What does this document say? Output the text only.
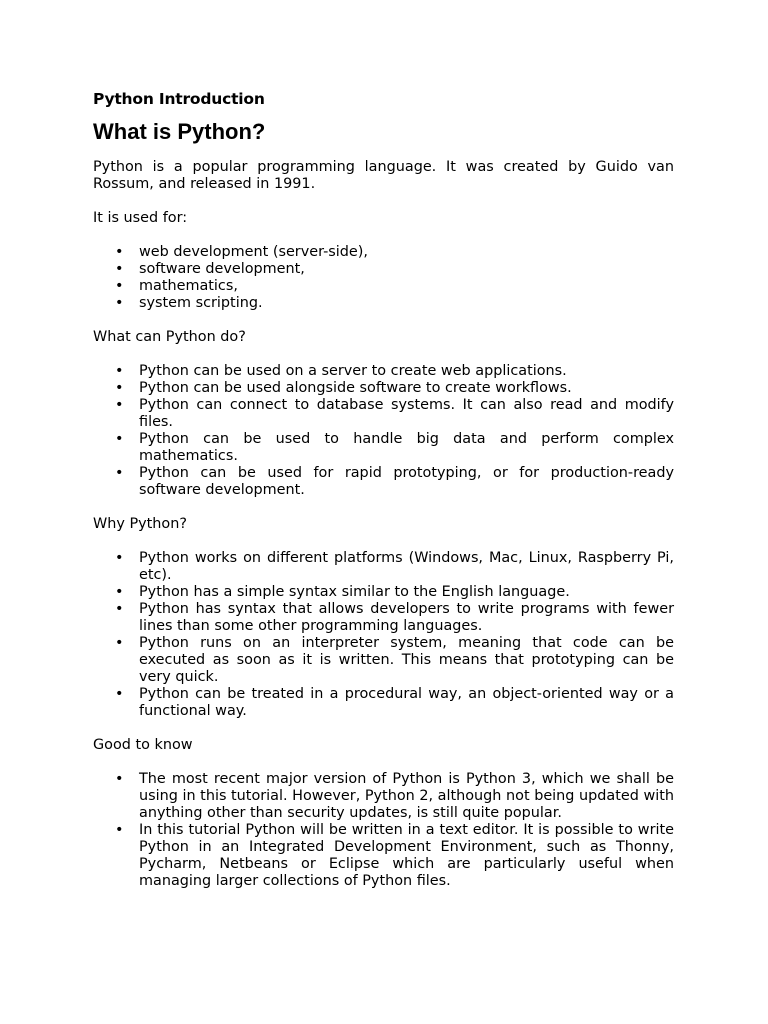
Python Introduction
What is Python?

Python is a popular programming language. It was created by Guido van Rossum, and released in 1991.

It is used for:

• web development (server-side),
• software development,
• mathematics,
• system scripting.

What can Python do?

• Python can be used on a server to create web applications.
• Python can be used alongside software to create workflows.
• Python can connect to database systems. It can also read and modify files.
• Python can be used to handle big data and perform complex mathematics.
• Python can be used for rapid prototyping, or for production-ready software development.

Why Python?

• Python works on different platforms (Windows, Mac, Linux, Raspberry Pi, etc).
• Python has a simple syntax similar to the English language.
• Python has syntax that allows developers to write programs with fewer lines than some other programming languages.
• Python runs on an interpreter system, meaning that code can be executed as soon as it is written. This means that prototyping can be very quick.
• Python can be treated in a procedural way, an object-oriented way or a functional way.

Good to know

• The most recent major version of Python is Python 3, which we shall be using in this tutorial. However, Python 2, although not being updated with anything other than security updates, is still quite popular.
• In this tutorial Python will be written in a text editor. It is possible to write Python in an Integrated Development Environment, such as Thonny, Pycharm, Netbeans or Eclipse which are particularly useful when managing larger collections of Python files.
